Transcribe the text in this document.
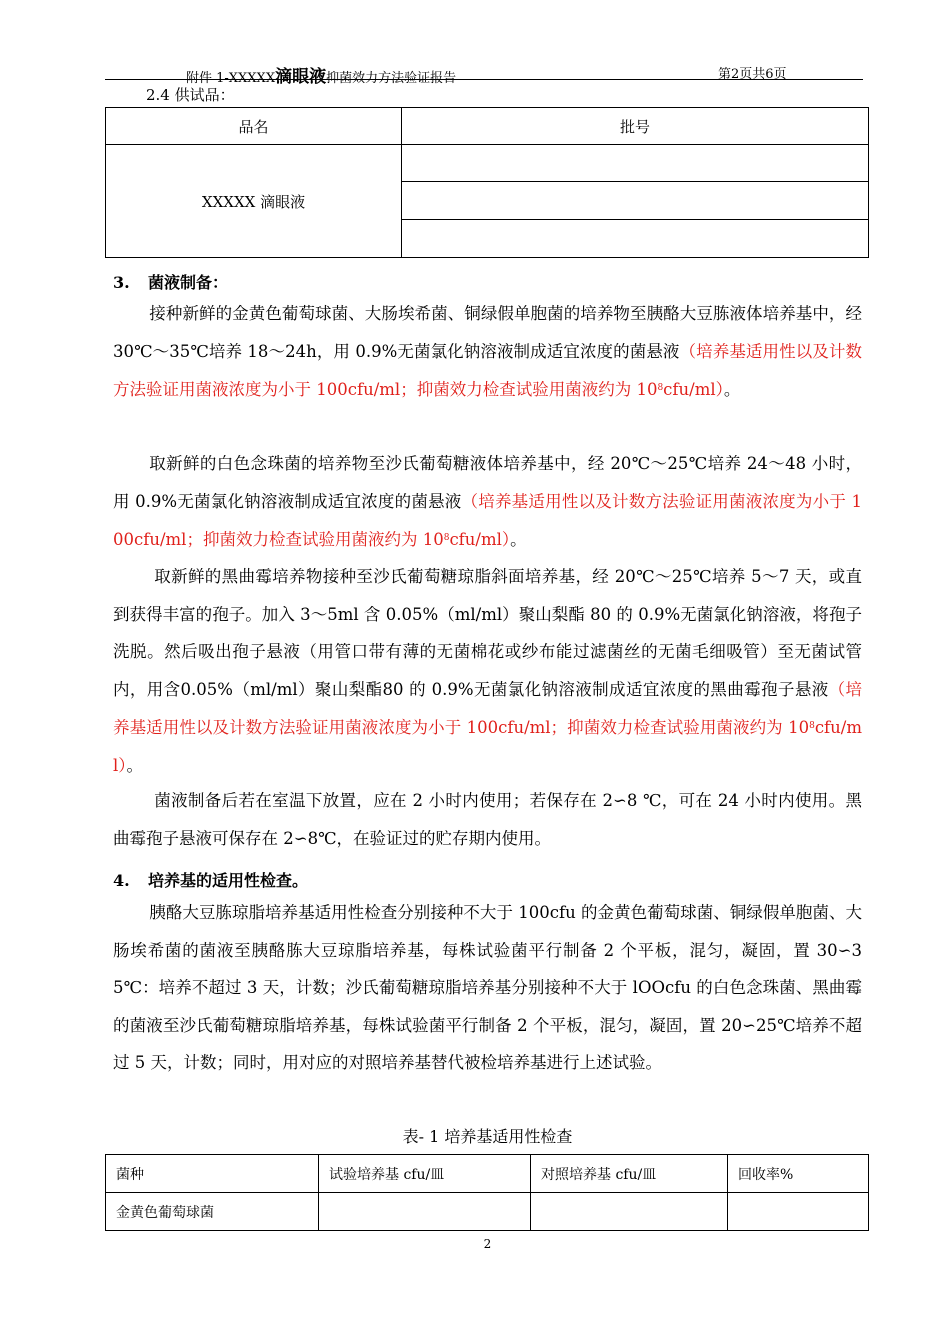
附件 1-XXXXX滴眼液抑菌效力方法验证报告	第2页共6页
2.4 供试品：
品名	批号
XXXXX 滴眼液	

3. 菌液制备：
接种新鲜的金黄色葡萄球菌、大肠埃希菌、铜绿假单胞菌的培养物至胰酪大豆胨液体培养基中，经 30℃～35℃培养 18～24h，用 0.9%无菌氯化钠溶液制成适宜浓度的菌悬液（培养基适用性以及计数方法验证用菌液浓度为小于 100cfu/ml；抑菌效力检查试验用菌液约为 $10^8cfu/ml$）。
取新鲜的白色念珠菌的培养物至沙氏葡萄糖液体培养基中，经 20℃～25℃培养 24～48 小时，用 0.9%无菌氯化钠溶液制成适宜浓度的菌悬液（培养基适用性以及计数方法验证用菌液浓度为小于 100cfu/ml；抑菌效力检查试验用菌液约为 $10^8cfu/ml$）。
取新鲜的黑曲霉培养物接种至沙氏葡萄糖琼脂斜面培养基，经 20℃～25℃培养 5～7 天，或直到获得丰富的孢子。加入 3～5ml 含 0.05%（ml/ml）聚山梨酯 80 的 0.9%无菌氯化钠溶液，将孢子洗脱。然后吸出孢子悬液（用管口带有薄的无菌棉花或纱布能过滤菌丝的无菌毛细吸管）至无菌试管内，用含0.05%（ml/ml）聚山梨酯80 的 0.9%无菌氯化钠溶液制成适宜浓度的黑曲霉孢子悬液（培养基适用性以及计数方法验证用菌液浓度为小于 100cfu/ml；抑菌效力检查试验用菌液约为 $10^8cfu/ml$）。
菌液制备后若在室温下放置，应在 2 小时内使用；若保存在 2∽8 ℃，可在 24 小时内使用。黑曲霉孢子悬液可保存在 2∽8℃，在验证过的贮存期内使用。
4. 培养基的适用性检查。
胰酪大豆胨琼脂培养基适用性检查分别接种不大于 100cfu 的金黄色葡萄球菌、铜绿假单胞菌、大肠埃希菌的菌液至胰酪胨大豆琼脂培养基，每株试验菌平行制备 2 个平板，混匀，凝固，置 30∽35℃：培养不超过 3 天，计数；沙氏葡萄糖琼脂培养基分别接种不大于 lOOcfu 的白色念珠菌、黑曲霉的菌液至沙氏葡萄糖琼脂培养基，每株试验菌平行制备 2 个平板，混匀，凝固，置 20∽25℃培养不超过 5 天，计数；同时，用对应的对照培养基替代被检培养基进行上述试验。
表- 1 培养基适用性检查
菌种	试验培养基 cfu/皿	对照培养基 cfu/皿	回收率%
金黄色葡萄球菌			
2
